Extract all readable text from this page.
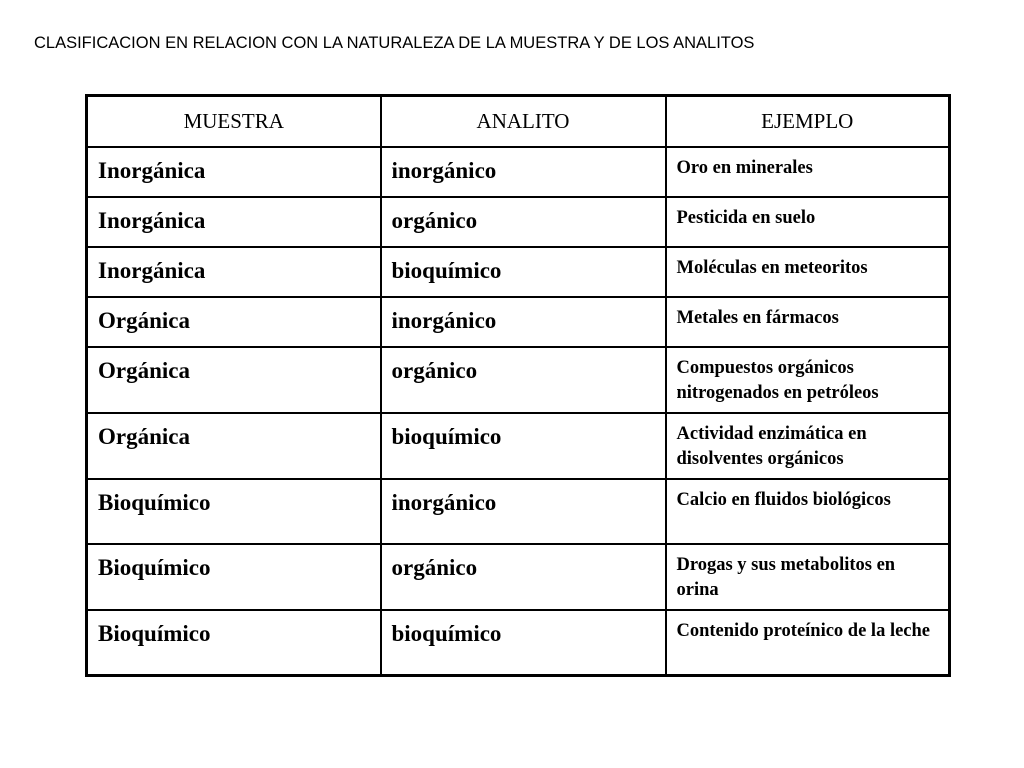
CLASIFICACION EN RELACION CON LA NATURALEZA DE LA MUESTRA Y DE LOS ANALITOS
MUESTRA	ANALITO	EJEMPLO
Inorgánica	inorgánico	Oro en minerales
Inorgánica	orgánico	Pesticida en suelo
Inorgánica	bioquímico	Moléculas en meteoritos
Orgánica	inorgánico	Metales en fármacos
Orgánica	orgánico	Compuestos orgánicos nitrogenados en petróleos
Orgánica	bioquímico	Actividad enzimática en disolventes orgánicos
Bioquímico	inorgánico	Calcio en fluidos biológicos
Bioquímico	orgánico	Drogas y sus metabolitos en orina
Bioquímico	bioquímico	Contenido proteínico de la leche
